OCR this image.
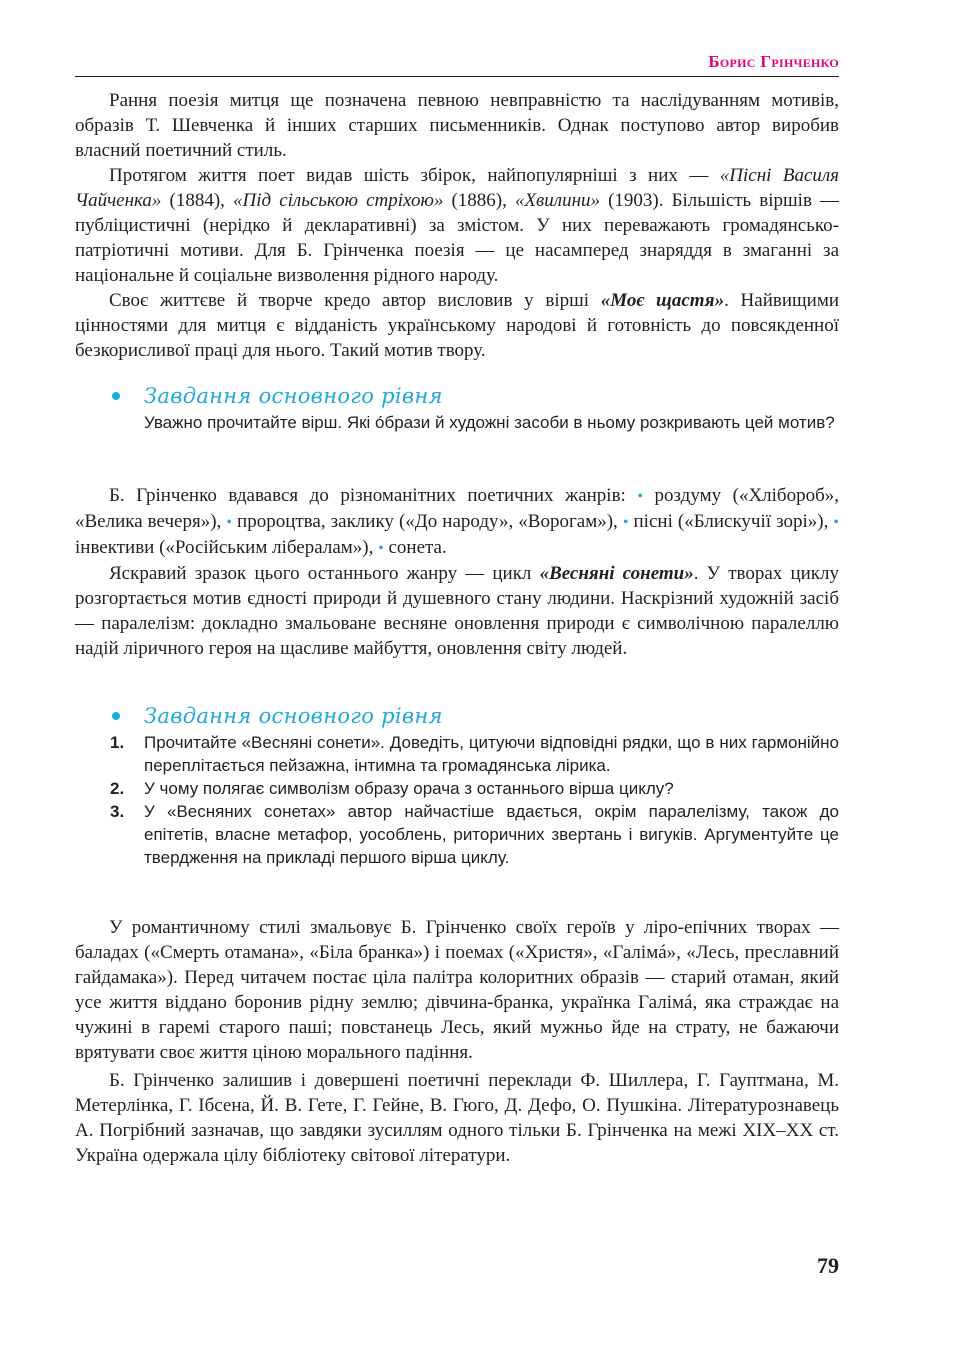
Борис Грінченко

Рання поезія митця ще позначена певною невправністю та наслідуванням мотивів, образів Т. Шевченка й інших старших письменників. Однак поступово автор виробив власний поетичний стиль.

Протягом життя поет видав шість збірок, найпопулярніші з них — «Пісні Василя Чайченка» (1884), «Під сільською стріхою» (1886), «Хвилини» (1903). Більшість віршів — публіцистичні (нерідко й декларативні) за змістом. У них переважають громадянсько-патріотичні мотиви. Для Б. Грінченка поезія — це насамперед знаряддя в змаганні за національне й соціальне визволення рідного народу.

Своє життєве й творче кредо автор висловив у вірші «Моє щастя». Найвищими цінностями для митця є відданість українському народові й готовність до повсякденної безкорисливої праці для нього. Такий мотив твору.

Завдання основного рівня
Уважно прочитайте вірш. Які óбрази й художні засоби в ньому розкривають цей мотив?

Б. Грінченко вдавався до різноманітних поетичних жанрів: • роздуму («Хлібороб», «Велика вечеря»), • пророцтва, заклику («До народу», «Ворогам»), • пісні («Блискучії зорі»), • інвективи («Російським лібералам»), • сонета.

Яскравий зразок цього останнього жанру — цикл «Весняні сонети». У творах циклу розгортається мотив єдності природи й душевного стану людини. Наскрізний художній засіб — паралелізм: докладно змальоване весняне оновлення природи є символічною паралеллю надій ліричного героя на щасливе майбуття, оновлення світу людей.

Завдання основного рівня
1. Прочитайте «Весняні сонети». Доведіть, цитуючи відповідні рядки, що в них гармонійно переплітається пейзажна, інтимна та громадянська лірика.
2. У чому полягає символізм образу орача з останнього вірша циклу?
3. У «Весняних сонетах» автор найчастіше вдається, окрім паралелізму, також до епітетів, власне метафор, уособлень, риторичних звертань і вигуків. Аргументуйте це твердження на прикладі першого вірша циклу.

У романтичному стилі змальовує Б. Грінченко своїх героїв у ліро-епічних творах — баладах («Смерть отамана», «Біла бранка») і поемах («Христя», «Галімá», «Лесь, преславний гайдамака»). Перед читачем постає ціла палітра колоритних образів — старий отаман, який усе життя віддано боронив рідну землю; дівчина-бранка, українка Галімá, яка страждає на чужині в гаремі старого паші; повстанець Лесь, який мужньо йде на страту, не бажаючи врятувати своє життя ціною морального падіння.

Б. Грінченко залишив і довершені поетичні переклади Ф. Шиллера, Г. Гауптмана, М. Метерлінка, Г. Ібсена, Й. В. Гете, Г. Гейне, В. Гюго, Д. Дефо, О. Пушкіна. Літературознавець А. Погрібний зазначав, що завдяки зусиллям одного тільки Б. Грінченка на межі XIX–XX ст. Україна одержала цілу бібліотеку світової літератури.

79
